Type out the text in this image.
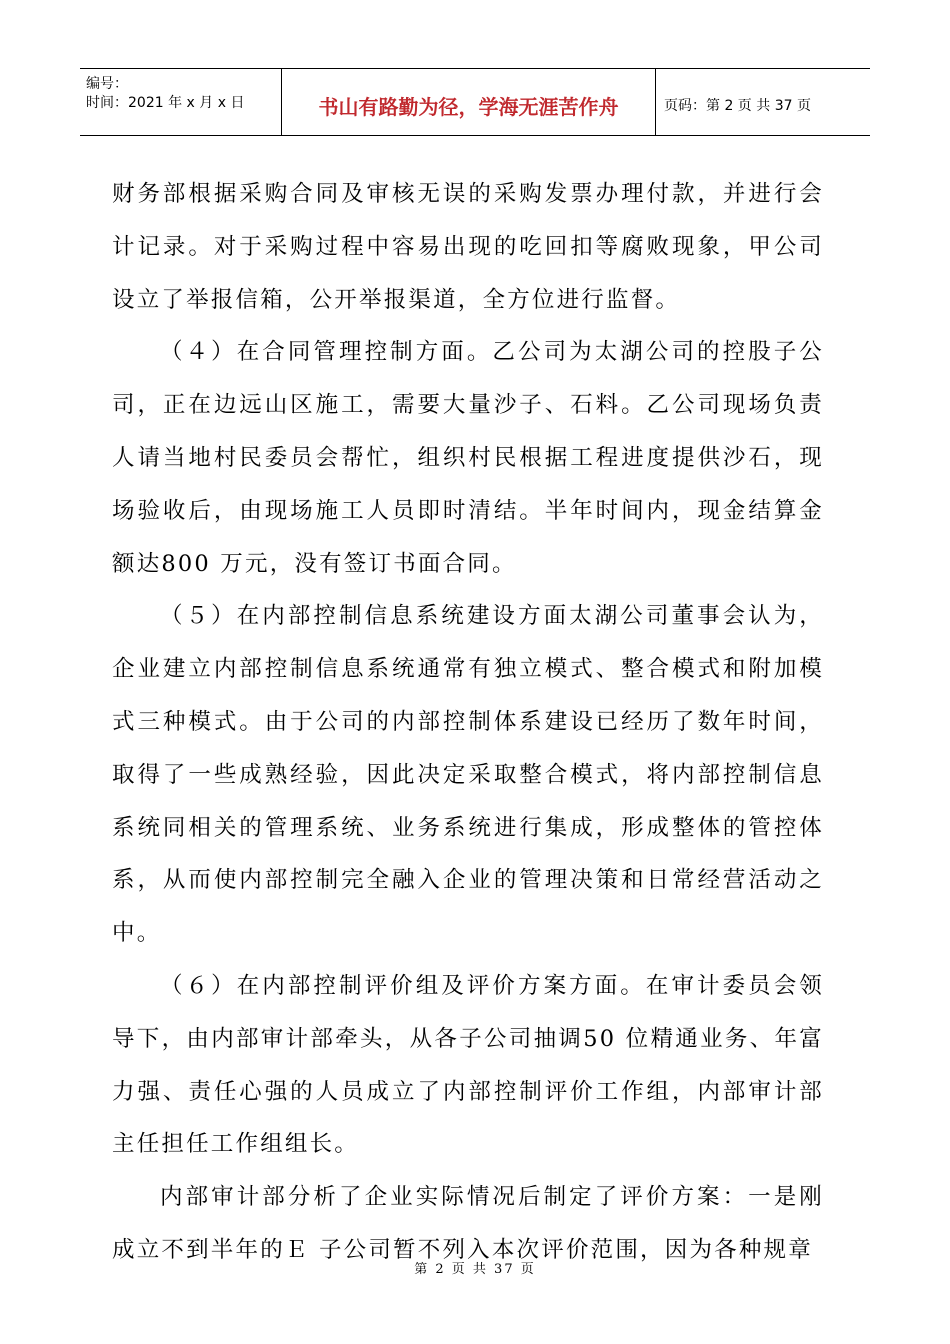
编号：
时间：2021 年 x 月 x 日	书山有路勤为径，学海无涯苦作舟	页码：第 2 页 共 37 页

财务部根据采购合同及审核无误的采购发票办理付款，并进行会计记录。对于采购过程中容易出现的吃回扣等腐败现象，甲公司设立了举报信箱，公开举报渠道，全方位进行监督。

（４）在合同管理控制方面。乙公司为太湖公司的控股子公司，正在边远山区施工，需要大量沙子、石料。乙公司现场负责人请当地村民委员会帮忙，组织村民根据工程进度提供沙石，现场验收后，由现场施工人员即时清结。半年时间内，现金结算金额达800 万元，没有签订书面合同。

（５）在内部控制信息系统建设方面太湖公司董事会认为，企业建立内部控制信息系统通常有独立模式、整合模式和附加模式三种模式。由于公司的内部控制体系建设已经历了数年时间，取得了一些成熟经验，因此决定采取整合模式，将内部控制信息系统同相关的管理系统、业务系统进行集成，形成整体的管控体系，从而使内部控制完全融入企业的管理决策和日常经营活动之中。

（６）在内部控制评价组及评价方案方面。在审计委员会领导下，由内部审计部牵头，从各子公司抽调50 位精通业务、年富力强、责任心强的人员成立了内部控制评价工作组，内部审计部主任担任工作组组长。

内部审计部分析了企业实际情况后制定了评价方案：一是刚成立不到半年的Ｅ 子公司暂不列入本次评价范围，因为各种规章

第 2 页 共 37 页
